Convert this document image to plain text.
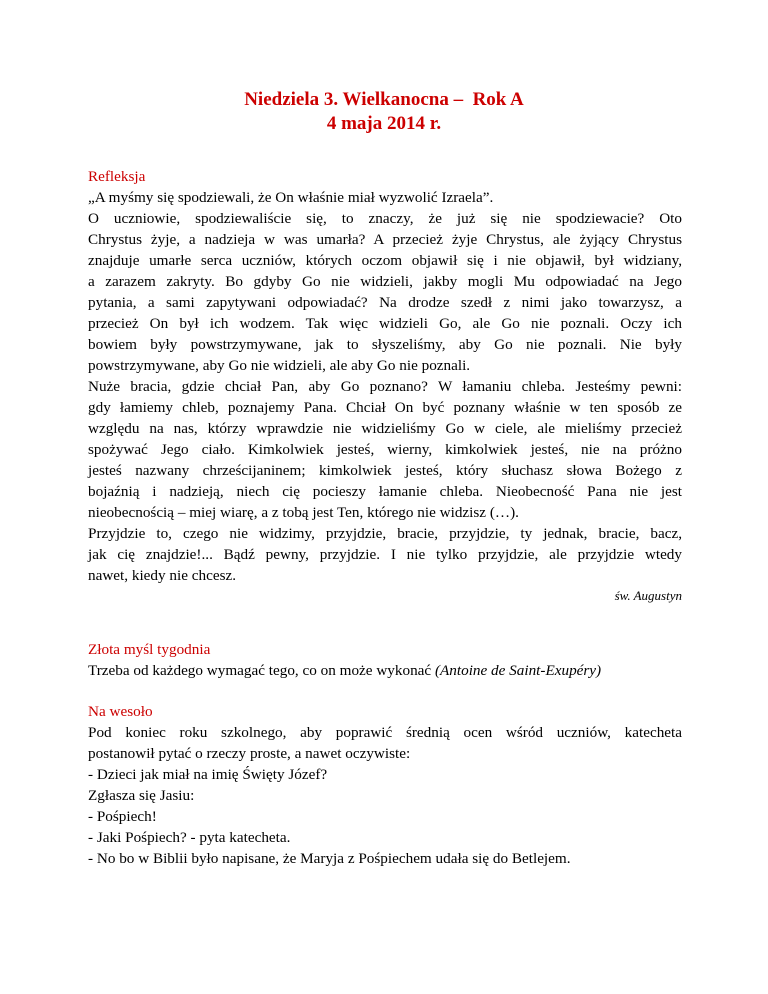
Niedziela 3. Wielkanocna –  Rok A
4 maja 2014 r.
Refleksja
„A myśmy się spodziewali, że On właśnie miał wyzwolić Izraela”.
O uczniowie, spodziewaliście się, to znaczy, że już się nie spodziewacie? Oto
Chrystus żyje, a nadzieja w was umarła? A przecież żyje Chrystus, ale żyjący Chrystus
znajduje umarłe serca uczniów, których oczom objawił się i nie objawił, był widziany,
a zarazem zakryty. Bo gdyby Go nie widzieli, jakby mogli Mu odpowiadać na Jego
pytania, a sami zapytywani odpowiadać? Na drodze szedł z nimi jako towarzysz, a
przecież On był ich wodzem. Tak więc widzieli Go, ale Go nie poznali. Oczy ich
bowiem były powstrzymywane, jak to słyszeliśmy, aby Go nie poznali. Nie były
powstrzymywane, aby Go nie widzieli, ale aby Go nie poznali.
Nuże bracia, gdzie chciał Pan, aby Go poznano? W łamaniu chleba. Jesteśmy pewni:
gdy łamiemy chleb, poznajemy Pana. Chciał On być poznany właśnie w ten sposób ze
względu na nas, którzy wprawdzie nie widzieliśmy Go w ciele, ale mieliśmy przecież
spożywać Jego ciało. Kimkolwiek jesteś, wierny, kimkolwiek jesteś, nie na próżno
jesteś nazwany chrześcijaninem; kimkolwiek jesteś, który słuchasz słowa Bożego z
bojaźnią i nadzieją, niech cię pocieszy łamanie chleba. Nieobecność Pana nie jest
nieobecnością – miej wiarę, a z tobą jest Ten, którego nie widzisz (…).
Przyjdzie to, czego nie widzimy, przyjdzie, bracie, przyjdzie, ty jednak, bracie, bacz,
jak cię znajdzie!... Bądź pewny, przyjdzie. I nie tylko przyjdzie, ale przyjdzie wtedy
nawet, kiedy nie chcesz.
św. Augustyn
Złota myśl tygodnia
Trzeba od każdego wymagać tego, co on może wykonać (Antoine de Saint-Exupéry)
Na wesoło
Pod koniec roku szkolnego, aby poprawić średnią ocen wśród uczniów, katecheta
postanowił pytać o rzeczy proste, a nawet oczywiste:
- Dzieci jak miał na imię Święty Józef?
Zgłasza się Jasiu:
- Pośpiech!
- Jaki Pośpiech? - pyta katecheta.
- No bo w Biblii było napisane, że Maryja z Pośpiechem udała się do Betlejem.
